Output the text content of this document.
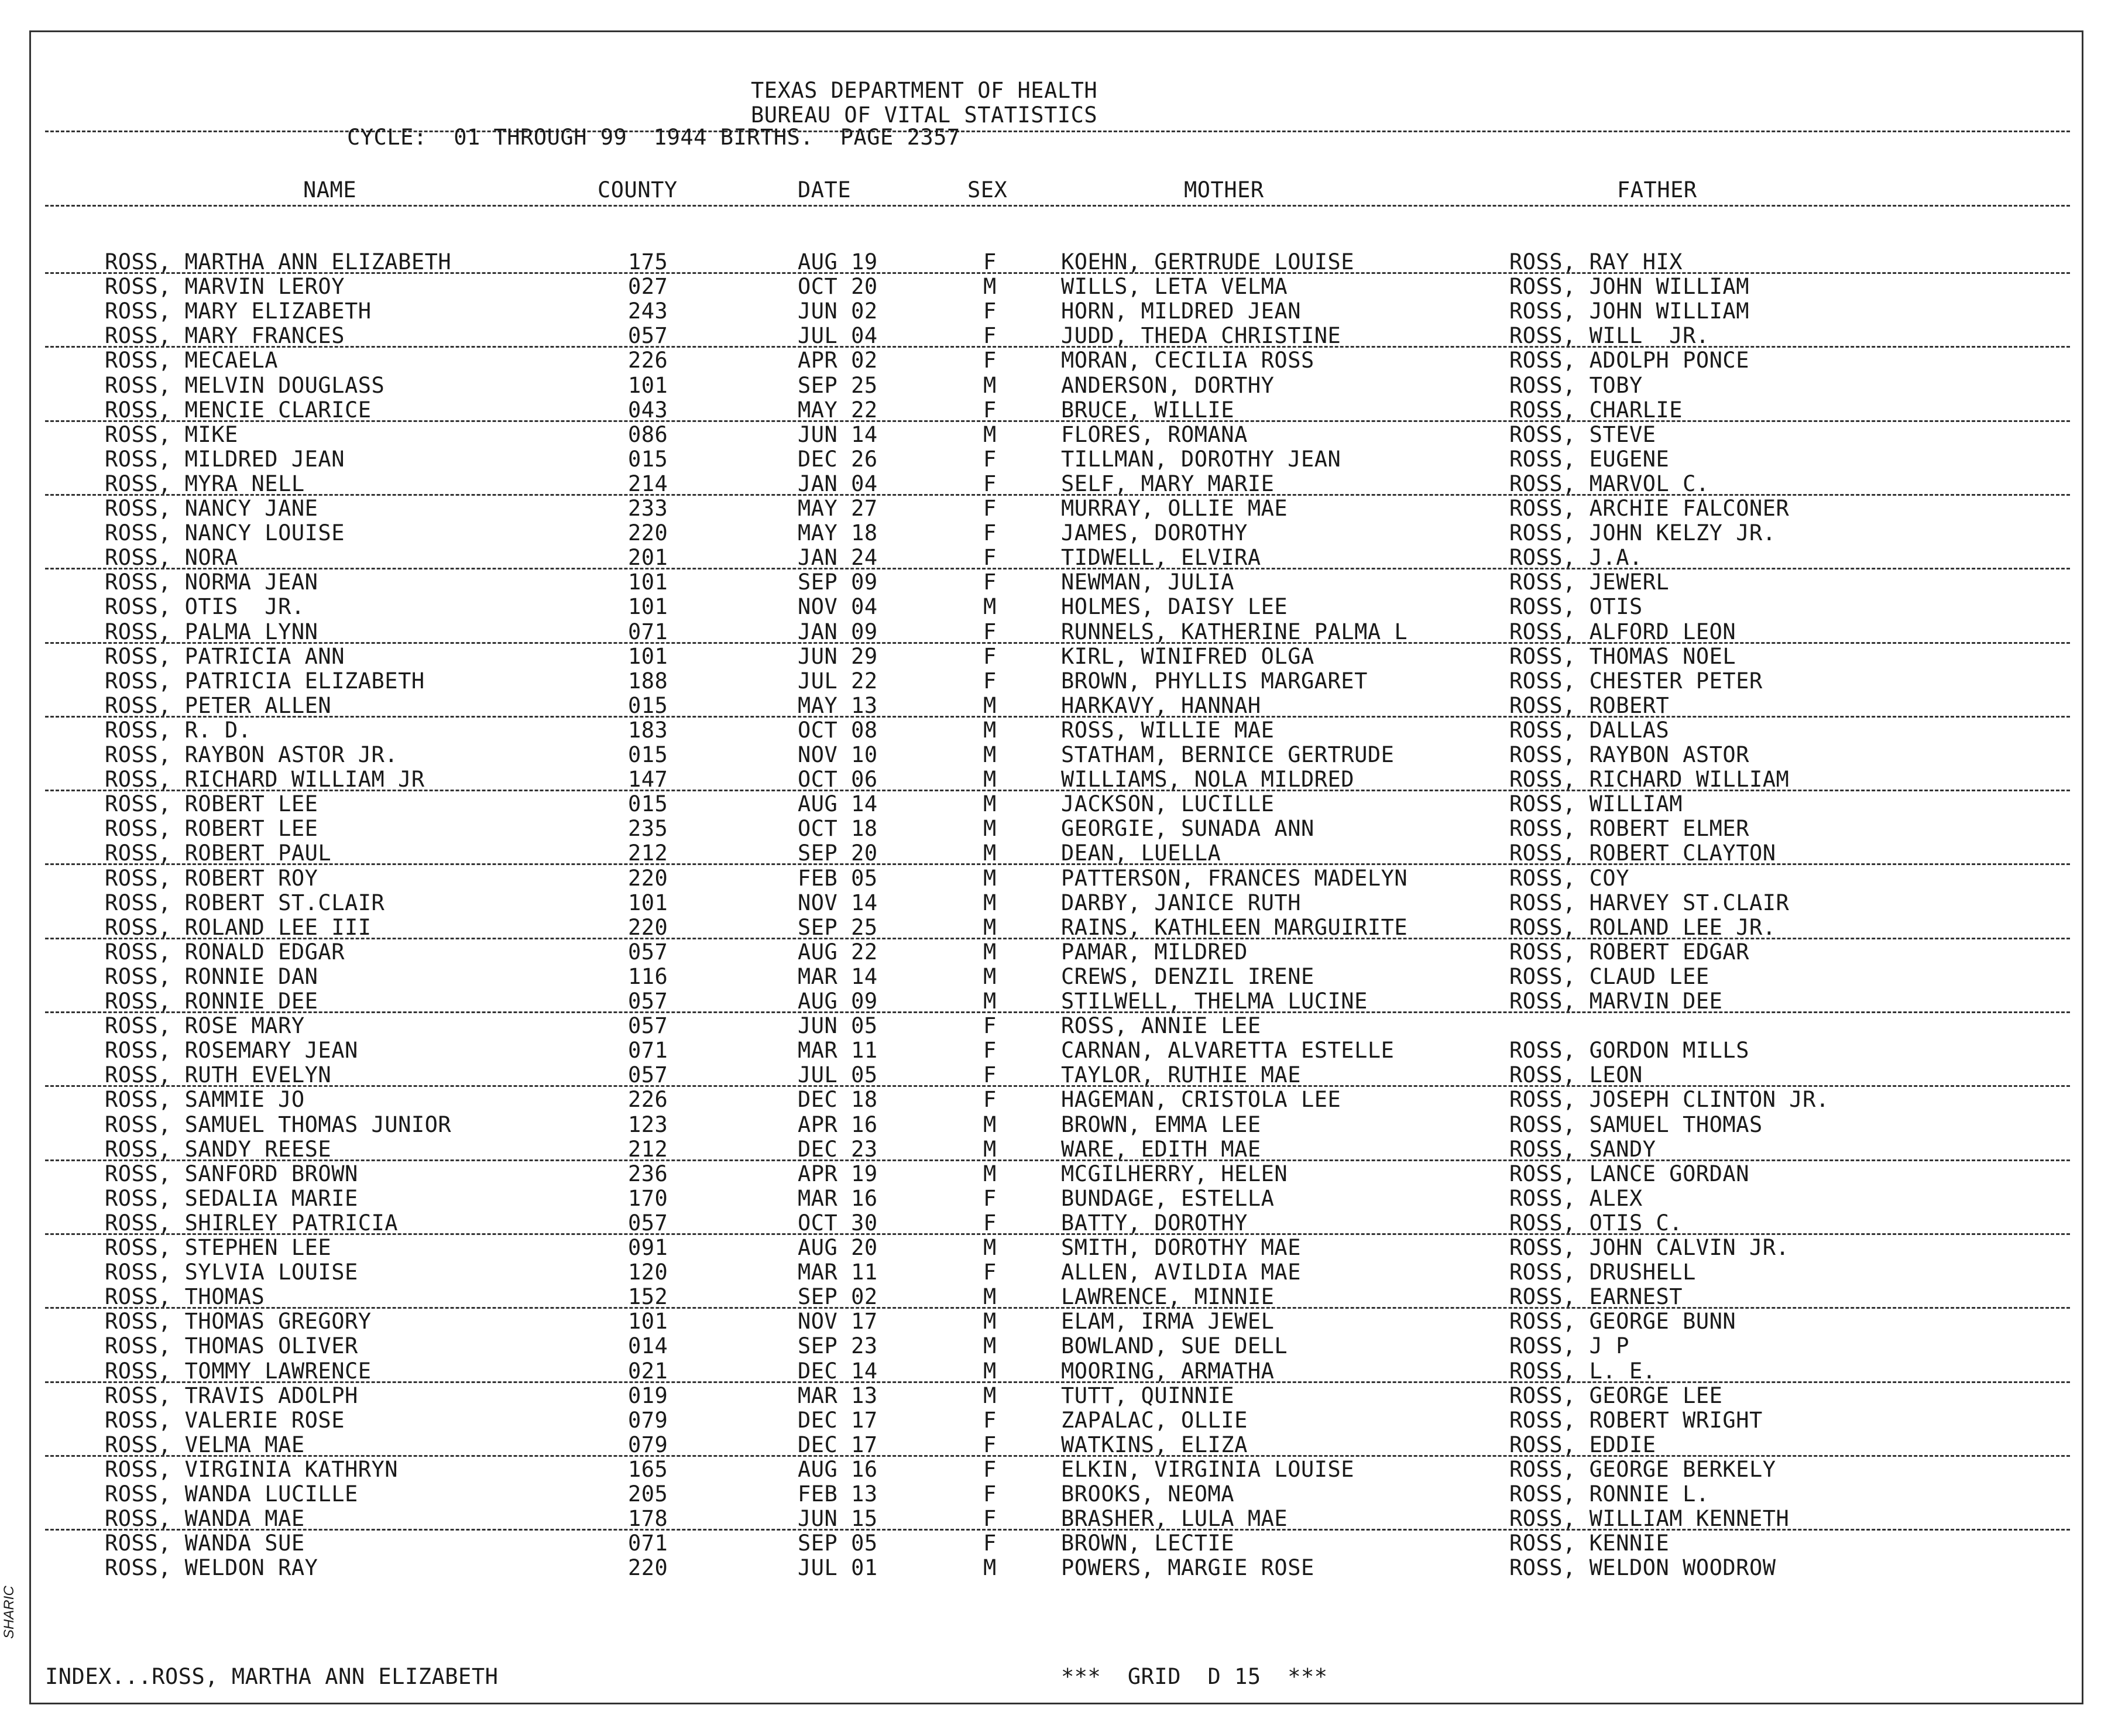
TEXAS DEPARTMENT OF HEALTH
BUREAU OF VITAL STATISTICS
CYCLE:  01 THROUGH 99  1944 BIRTHS.  PAGE 2357
NAME	COUNTY	DATE	SEX	MOTHER	FATHER
ROSS, MARTHA ANN ELIZABETH	175	AUG 19	F	KOEHN, GERTRUDE LOUISE	ROSS, RAY HIX
ROSS, MARVIN LEROY	027	OCT 20	M	WILLS, LETA VELMA	ROSS, JOHN WILLIAM
ROSS, MARY ELIZABETH	243	JUN 02	F	HORN, MILDRED JEAN	ROSS, JOHN WILLIAM
ROSS, MARY FRANCES	057	JUL 04	F	JUDD, THEDA CHRISTINE	ROSS, WILL  JR.
ROSS, MECAELA	226	APR 02	F	MORAN, CECILIA ROSS	ROSS, ADOLPH PONCE
ROSS, MELVIN DOUGLASS	101	SEP 25	M	ANDERSON, DORTHY	ROSS, TOBY
ROSS, MENCIE CLARICE	043	MAY 22	F	BRUCE, WILLIE	ROSS, CHARLIE
ROSS, MIKE	086	JUN 14	M	FLORES, ROMANA	ROSS, STEVE
ROSS, MILDRED JEAN	015	DEC 26	F	TILLMAN, DOROTHY JEAN	ROSS, EUGENE
ROSS, MYRA NELL	214	JAN 04	F	SELF, MARY MARIE	ROSS, MARVOL C.
ROSS, NANCY JANE	233	MAY 27	F	MURRAY, OLLIE MAE	ROSS, ARCHIE FALCONER
ROSS, NANCY LOUISE	220	MAY 18	F	JAMES, DOROTHY	ROSS, JOHN KELZY JR.
ROSS, NORA	201	JAN 24	F	TIDWELL, ELVIRA	ROSS, J.A.
ROSS, NORMA JEAN	101	SEP 09	F	NEWMAN, JULIA	ROSS, JEWERL
ROSS, OTIS  JR.	101	NOV 04	M	HOLMES, DAISY LEE	ROSS, OTIS
ROSS, PALMA LYNN	071	JAN 09	F	RUNNELS, KATHERINE PALMA L	ROSS, ALFORD LEON
ROSS, PATRICIA ANN	101	JUN 29	F	KIRL, WINIFRED OLGA	ROSS, THOMAS NOEL
ROSS, PATRICIA ELIZABETH	188	JUL 22	F	BROWN, PHYLLIS MARGARET	ROSS, CHESTER PETER
ROSS, PETER ALLEN	015	MAY 13	M	HARKAVY, HANNAH	ROSS, ROBERT
ROSS, R. D.	183	OCT 08	M	ROSS, WILLIE MAE	ROSS, DALLAS
ROSS, RAYBON ASTOR JR.	015	NOV 10	M	STATHAM, BERNICE GERTRUDE	ROSS, RAYBON ASTOR
ROSS, RICHARD WILLIAM JR	147	OCT 06	M	WILLIAMS, NOLA MILDRED	ROSS, RICHARD WILLIAM
ROSS, ROBERT LEE	015	AUG 14	M	JACKSON, LUCILLE	ROSS, WILLIAM
ROSS, ROBERT LEE	235	OCT 18	M	GEORGIE, SUNADA ANN	ROSS, ROBERT ELMER
ROSS, ROBERT PAUL	212	SEP 20	M	DEAN, LUELLA	ROSS, ROBERT CLAYTON
ROSS, ROBERT ROY	220	FEB 05	M	PATTERSON, FRANCES MADELYN	ROSS, COY
ROSS, ROBERT ST.CLAIR	101	NOV 14	M	DARBY, JANICE RUTH	ROSS, HARVEY ST.CLAIR
ROSS, ROLAND LEE III	220	SEP 25	M	RAINS, KATHLEEN MARGUIRITE	ROSS, ROLAND LEE JR.
ROSS, RONALD EDGAR	057	AUG 22	M	PAMAR, MILDRED	ROSS, ROBERT EDGAR
ROSS, RONNIE DAN	116	MAR 14	M	CREWS, DENZIL IRENE	ROSS, CLAUD LEE
ROSS, RONNIE DEE	057	AUG 09	M	STILWELL, THELMA LUCINE	ROSS, MARVIN DEE
ROSS, ROSE MARY	057	JUN 05	F	ROSS, ANNIE LEE
ROSS, ROSEMARY JEAN	071	MAR 11	F	CARNAN, ALVARETTA ESTELLE	ROSS, GORDON MILLS
ROSS, RUTH EVELYN	057	JUL 05	F	TAYLOR, RUTHIE MAE	ROSS, LEON
ROSS, SAMMIE JO	226	DEC 18	F	HAGEMAN, CRISTOLA LEE	ROSS, JOSEPH CLINTON JR.
ROSS, SAMUEL THOMAS JUNIOR	123	APR 16	M	BROWN, EMMA LEE	ROSS, SAMUEL THOMAS
ROSS, SANDY REESE	212	DEC 23	M	WARE, EDITH MAE	ROSS, SANDY
ROSS, SANFORD BROWN	236	APR 19	M	MCGILHERRY, HELEN	ROSS, LANCE GORDAN
ROSS, SEDALIA MARIE	170	MAR 16	F	BUNDAGE, ESTELLA	ROSS, ALEX
ROSS, SHIRLEY PATRICIA	057	OCT 30	F	BATTY, DOROTHY	ROSS, OTIS C.
ROSS, STEPHEN LEE	091	AUG 20	M	SMITH, DOROTHY MAE	ROSS, JOHN CALVIN JR.
ROSS, SYLVIA LOUISE	120	MAR 11	F	ALLEN, AVILDIA MAE	ROSS, DRUSHELL
ROSS, THOMAS	152	SEP 02	M	LAWRENCE, MINNIE	ROSS, EARNEST
ROSS, THOMAS GREGORY	101	NOV 17	M	ELAM, IRMA JEWEL	ROSS, GEORGE BUNN
ROSS, THOMAS OLIVER	014	SEP 23	M	BOWLAND, SUE DELL	ROSS, J P
ROSS, TOMMY LAWRENCE	021	DEC 14	M	MOORING, ARMATHA	ROSS, L. E.
ROSS, TRAVIS ADOLPH	019	MAR 13	M	TUTT, QUINNIE	ROSS, GEORGE LEE
ROSS, VALERIE ROSE	079	DEC 17	F	ZAPALAC, OLLIE	ROSS, ROBERT WRIGHT
ROSS, VELMA MAE	079	DEC 17	F	WATKINS, ELIZA	ROSS, EDDIE
ROSS, VIRGINIA KATHRYN	165	AUG 16	F	ELKIN, VIRGINIA LOUISE	ROSS, GEORGE BERKELY
ROSS, WANDA LUCILLE	205	FEB 13	F	BROOKS, NEOMA	ROSS, RONNIE L.
ROSS, WANDA MAE	178	JUN 15	F	BRASHER, LULA MAE	ROSS, WILLIAM KENNETH
ROSS, WANDA SUE	071	SEP 05	F	BROWN, LECTIE	ROSS, KENNIE
ROSS, WELDON RAY	220	JUL 01	M	POWERS, MARGIE ROSE	ROSS, WELDON WOODROW
INDEX...ROSS, MARTHA ANN ELIZABETH	***  GRID  D 15  ***
SHARIC
